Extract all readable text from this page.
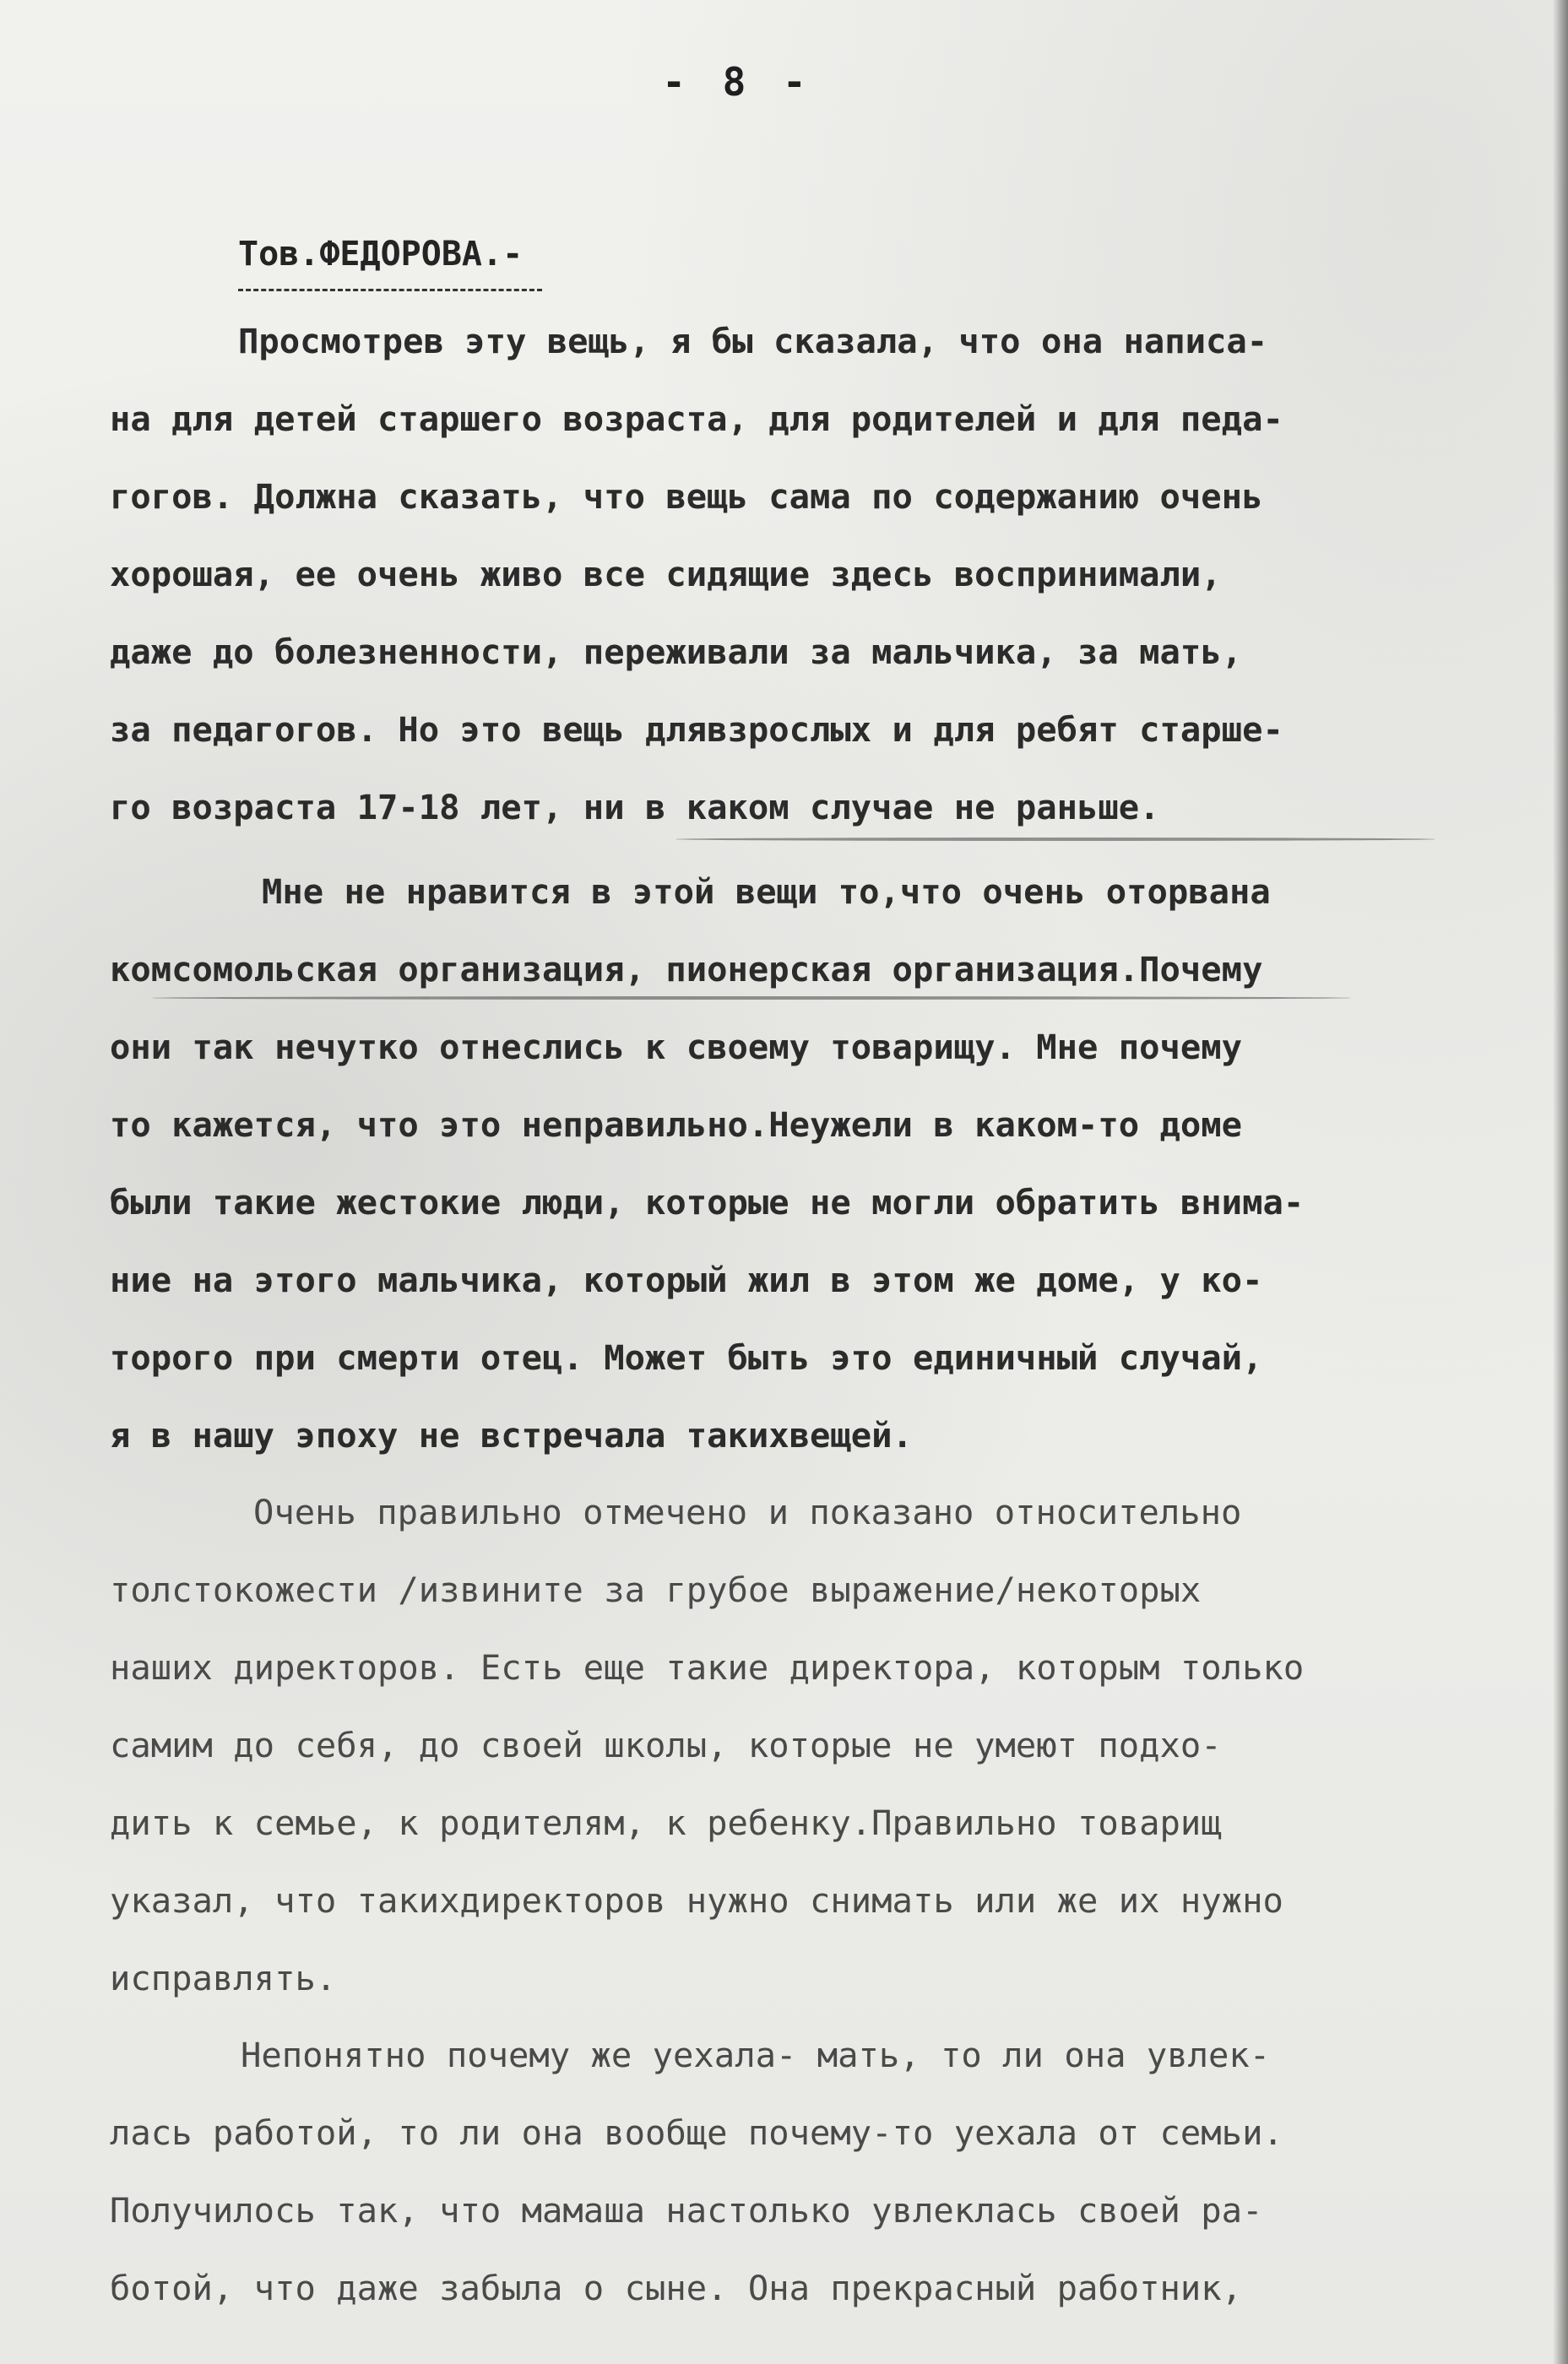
- 8 -
Тов.ФЕДОРОВА.-
Просмотрев эту вещь, я бы сказала, что она написа-
на для детей старшего возраста, для родителей и для педа-
гогов. Должна сказать, что вещь сама по содержанию очень
хорошая, ее очень живо все сидящие здесь воспринимали,
даже до болезненности, переживали за мальчика, за мать,
за педагогов. Но это вещь длявзрослых и для ребят старше-
го возраста 17-18 лет, ни в каком случае не раньше.
Мне не нравится в этой вещи то,что очень оторвана
комсомольская организация, пионерская организация.Почему
они так нечутко отнеслись к своему товарищу. Мне почему
то кажется, что это неправильно.Неужели в каком-то доме
были такие жестокие люди, которые не могли обратить внима-
ние на этого мальчика, который жил в этом же доме, у ко-
торого при смерти отец. Может быть это единичный случай,
я в нашу эпоху не встречала такихвещей.
Очень правильно отмечено и показано относительно
толстокожести /извините за грубое выражение/некоторых
наших директоров. Есть еще такие директора, которым только
самим до себя, до своей школы, которые не умеют подхо-
дить к семье, к родителям, к ребенку.Правильно товарищ
указал, что такихдиректоров нужно снимать или же их нужно
исправлять.
Непонятно почему же уехала- мать, то ли она увлек-
лась работой, то ли она вообще почему-то уехала от семьи.
Получилось так, что мамаша настолько увлеклась своей ра-
ботой, что даже забыла о сыне. Она прекрасный работник,
